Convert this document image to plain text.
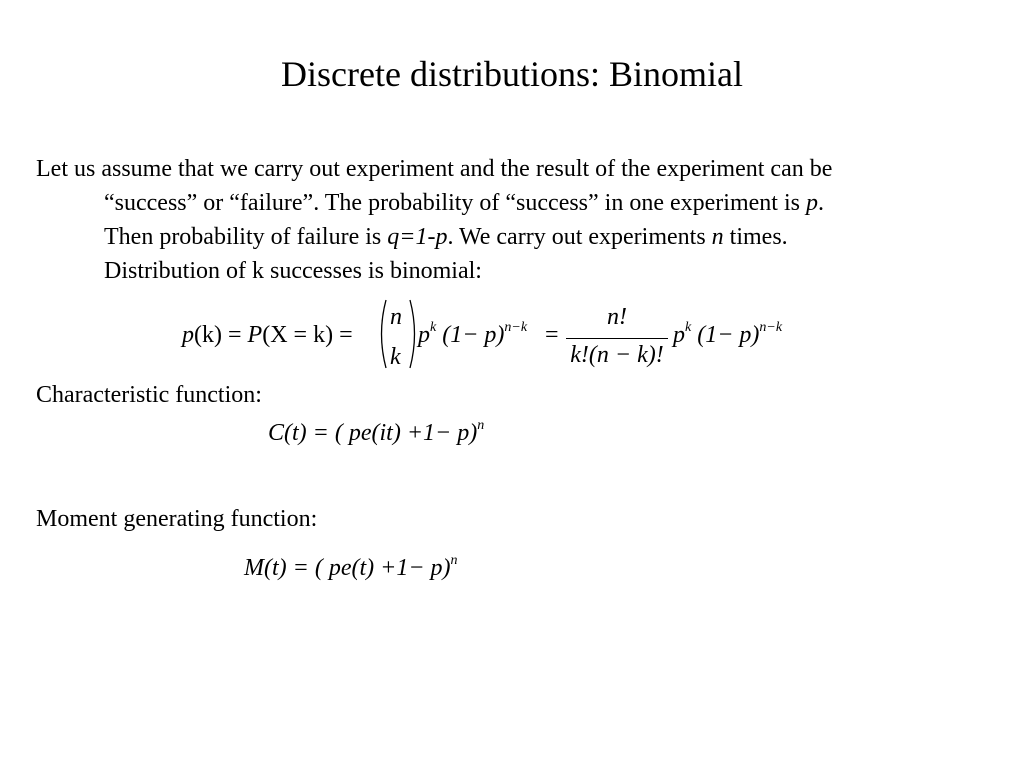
Discrete distributions: Binomial
Let us assume that we carry out experiment and the result of the experiment can be
“success” or “failure”. The probability of “success” in one experiment is p.
Then probability of failure is q=1-p. We carry out experiments n times.
Distribution of k successes is binomial:
p(k) = P(X = k) =
n
k
$p^k$ $(1- p)^{n-k}$ =
n!
k!(n − k)!
$p^k$ $(1- p)^{n-k}$
Characteristic function:
C(t) = ( pe(it) +1− p)$^n$
Moment generating function:
M(t) = ( pe(t) +1− p)$^n$
